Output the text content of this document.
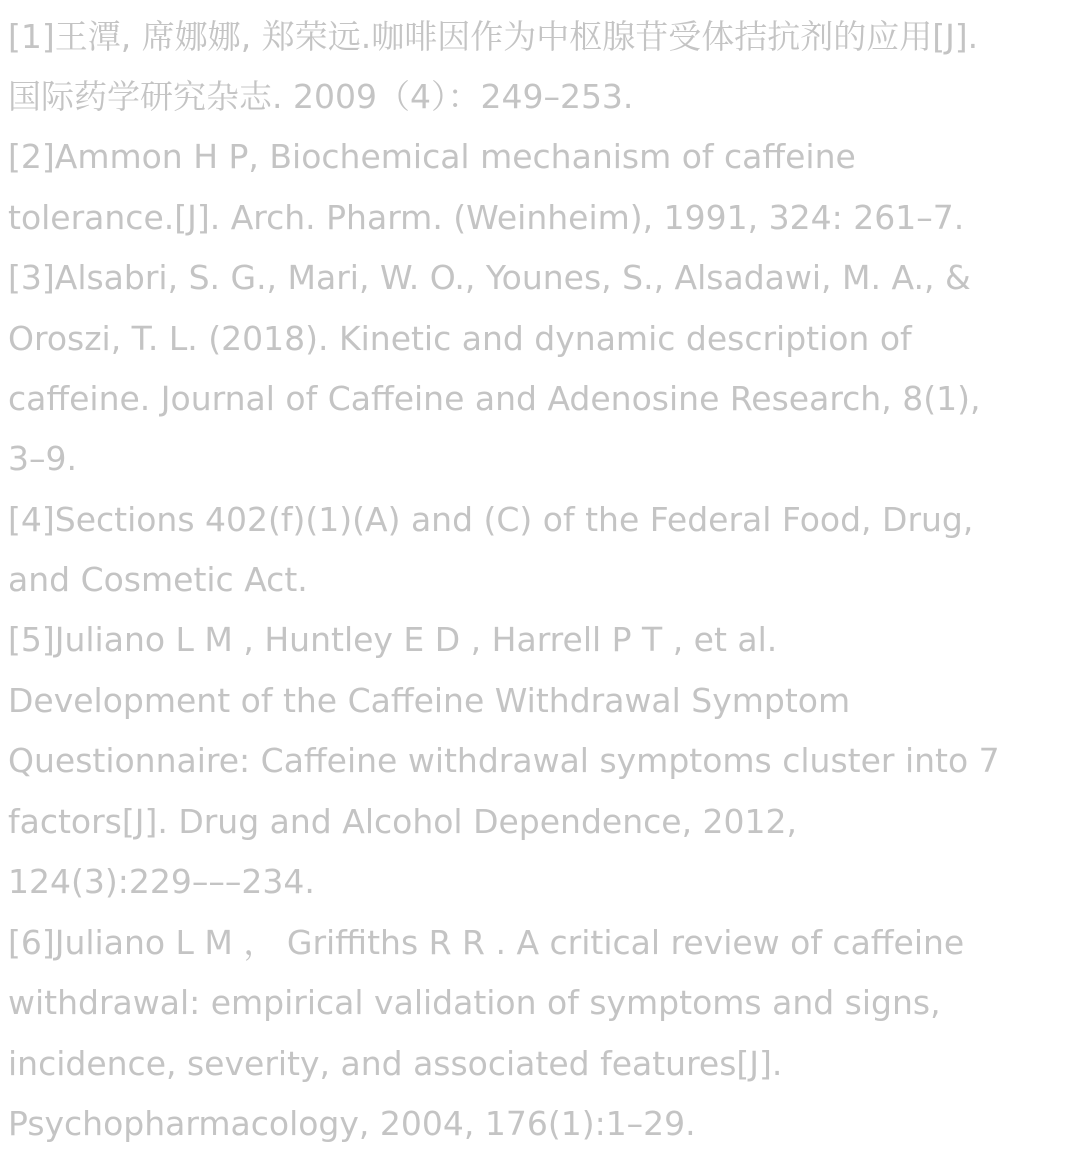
[1]王潭, 席娜娜, 郑荣远.咖啡因作为中枢腺苷受体拮抗剂的应用[J].
国际药学研究杂志. 2009（4）：249–253.
[2]Ammon H P, Biochemical mechanism of caffeine
tolerance.[J]. Arch. Pharm. (Weinheim), 1991, 324: 261–7.
[3]Alsabri, S. G., Mari, W. O., Younes, S., Alsadawi, M. A., &
Oroszi, T. L. (2018). Kinetic and dynamic description of
caffeine. Journal of Caffeine and Adenosine Research, 8(1),
3–9.
[4]Sections 402(f)(1)(A) and (C) of the Federal Food, Drug,
and Cosmetic Act.
[5]Juliano L M , Huntley E D , Harrell P T , et al.
Development of the Caffeine Withdrawal Symptom
Questionnaire: Caffeine withdrawal symptoms cluster into 7
factors[J]. Drug and Alcohol Dependence, 2012,
124(3):229–––234.
[6]Juliano L M ， Griffiths R R . A critical review of caffeine
withdrawal: empirical validation of symptoms and signs,
incidence, severity, and associated features[J].
Psychopharmacology, 2004, 176(1):1–29.
